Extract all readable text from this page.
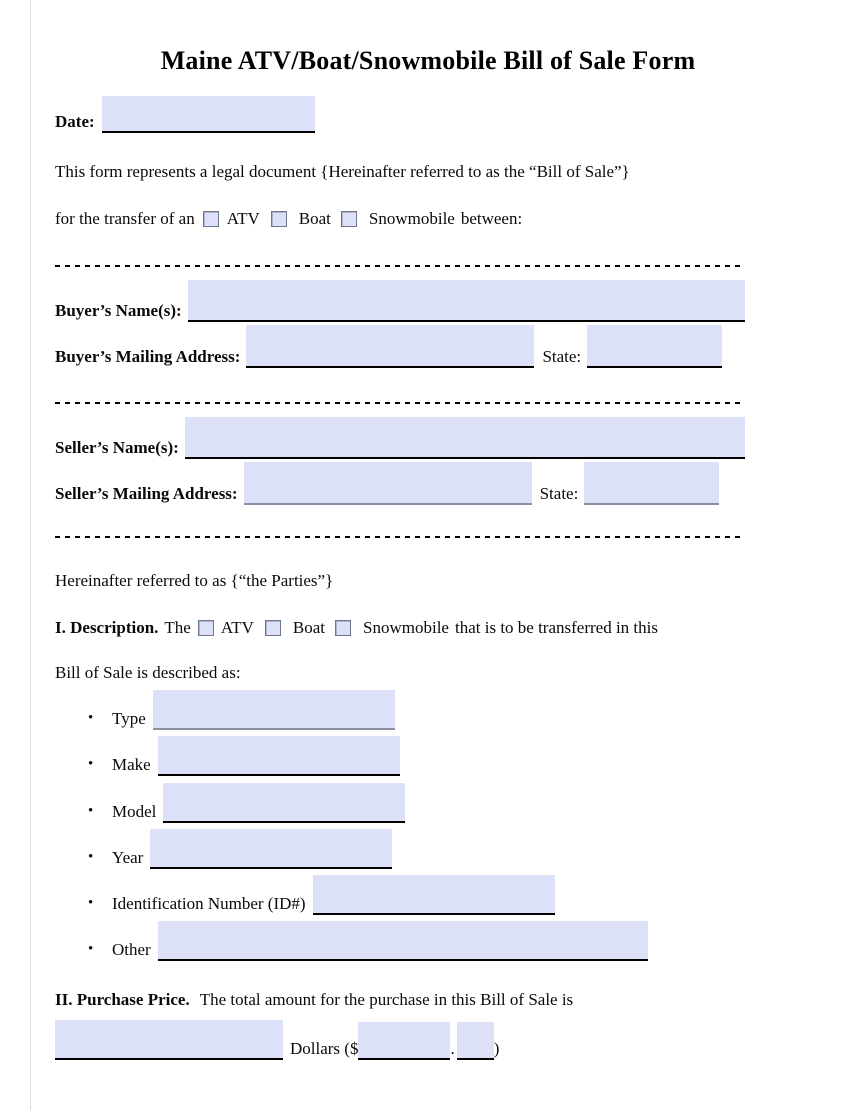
Maine ATV/Boat/Snowmobile Bill of Sale Form
Date:
This form represents a legal document {Hereinafter referred to as the “Bill of Sale”}
for the transfer of an ATV Boat Snowmobile between:
Buyer’s Name(s):
Buyer’s Mailing Address:	State:
Seller’s Name(s):
Seller’s Mailing Address:	State:
Hereinafter referred to as {“the Parties”}
I. Description. The ATV Boat Snowmobile that is to be transferred in this
Bill of Sale is described as:
• Type
• Make
• Model
• Year
• Identification Number (ID#)
• Other
II. Purchase Price. The total amount for the purchase in this Bill of Sale is
Dollars ($	. )
